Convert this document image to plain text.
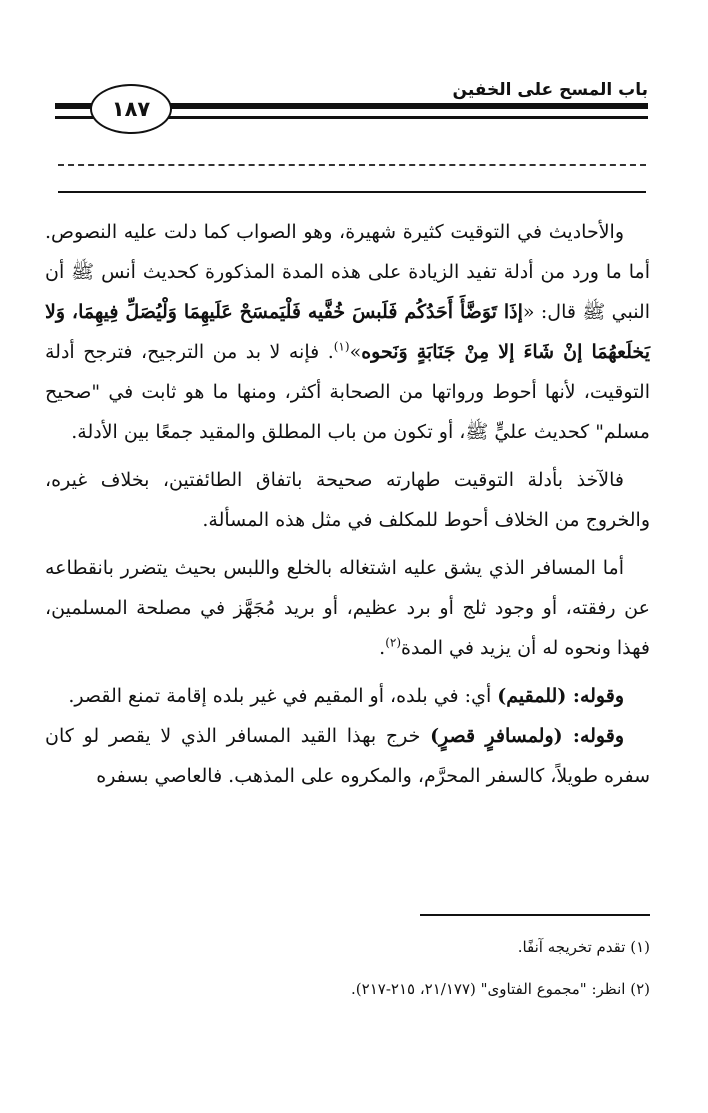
باب المسح على الخفين
١٨٧

والأحاديث في التوقيت كثيرة شهيرة، وهو الصواب كما دلت عليه النصوص. أما ما ورد من أدلة تفيد الزيادة على هذه المدة المذكورة كحديث أنس ﷺ أن النبي ﷺ قال: «إذَا تَوَضَّأَ أَحَدُكُم فَلَبسَ خُفَّيه فَلْيَمسَحْ عَلَيهِمَا وَلْيُصَلِّ فِيهِمَا، وَلا يَخلَعهُمَا إنْ شَاءَ إلا مِنْ جَنَابَةٍ وَنَحوه»$^{(١)}$. فإنه لا بد من الترجيح، فترجح أدلة التوقيت، لأنها أحوط ورواتها من الصحابة أكثر، ومنها ما هو ثابت في "صحيح مسلم" كحديث عليٍّ ﷺ، أو تكون من باب المطلق والمقيد جمعًا بين الأدلة.

فالآخذ بأدلة التوقيت طهارته صحيحة باتفاق الطائفتين، بخلاف غيره، والخروج من الخلاف أحوط للمكلف في مثل هذه المسألة.

أما المسافر الذي يشق عليه اشتغاله بالخلع واللبس بحيث يتضرر بانقطاعه عن رفقته، أو وجود ثلج أو برد عظيم، أو بريد مُجَهَّز في مصلحة المسلمين، فهذا ونحوه له أن يزيد في المدة$^{(٢)}$.

وقوله: (للمقيم) أي: في بلده، أو المقيم في غير بلده إقامة تمنع القصر.

وقوله: (ولمسافرٍ قصرٍ) خرج بهذا القيد المسافر الذي لا يقصر لو كان سفره طويلاً، كالسفر المحرَّم، والمكروه على المذهب. فالعاصي بسفره

(١) تقدم تخريجه آنفًا.
(٢) انظر: "مجموع الفتاوى" (٢١/١٧٧، ٢١٥-٢١٧).
